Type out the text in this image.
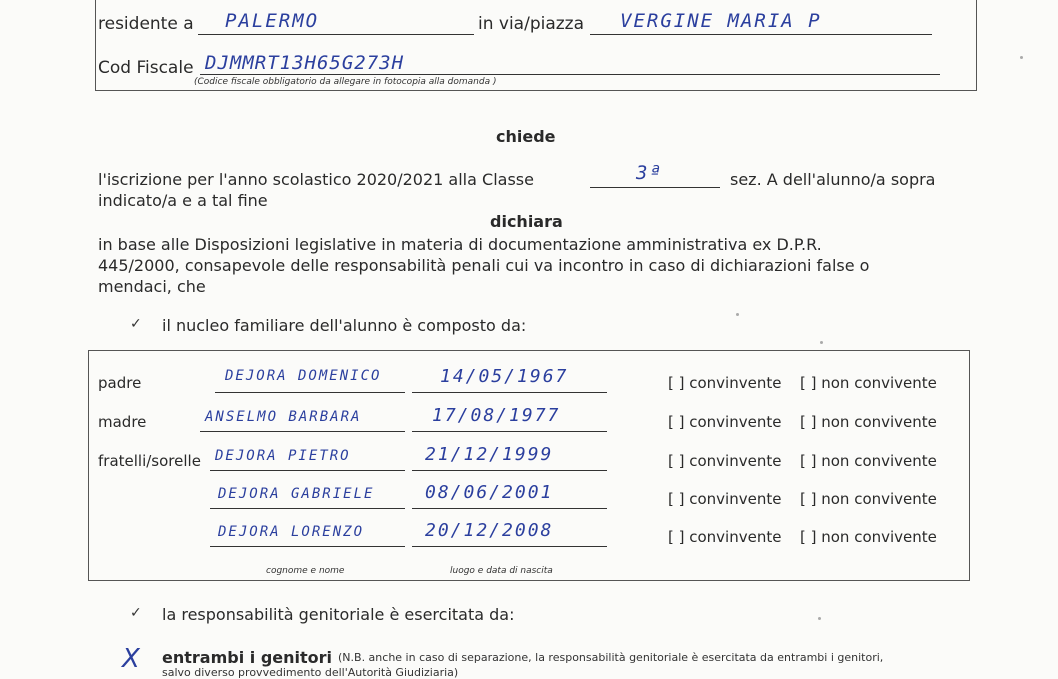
residente a PALERMO	in via/piazza VERGINE MARIA P
Cod Fiscale DJMMRT13H65G273H
(Codice fiscale obbligatorio da allegare in fotocopia alla domanda )
chiede
l'iscrizione per l'anno scolastico 2020/2021 alla Classe	3ª	sez. A dell'alunno/a sopra
indicato/a e a tal fine
dichiara
in base alle Disposizioni legislative in materia di documentazione amministrativa ex D.P.R.
445/2000, consapevole delle responsabilità penali cui va incontro in caso di dichiarazioni false o
mendaci, che
✓ il nucleo familiare dell'alunno è composto da:
padre	DEJORA DOMENICO	14/05/1967	[ ] convinvente [ ] non convivente
madre	ANSELMO BARBARA	17/08/1977	[ ] convinvente [ ] non convivente
fratelli/sorelle DEJORA PIETRO	21/12/1999	[ ] convinvente [ ] non convivente
DEJORA GABRIELE	08/06/2001	[ ] convinvente [ ] non convivente
DEJORA LORENZO	20/12/2008	[ ] convinvente [ ] non convivente
cognome e nome	luogo e data di nascita
✓ la responsabilità genitoriale è esercitata da:
X entrambi i genitori (N.B. anche in caso di separazione, la responsabilità genitoriale è esercitata da entrambi i genitori,
salvo diverso provvedimento dell'Autorità Giudiziaria)
